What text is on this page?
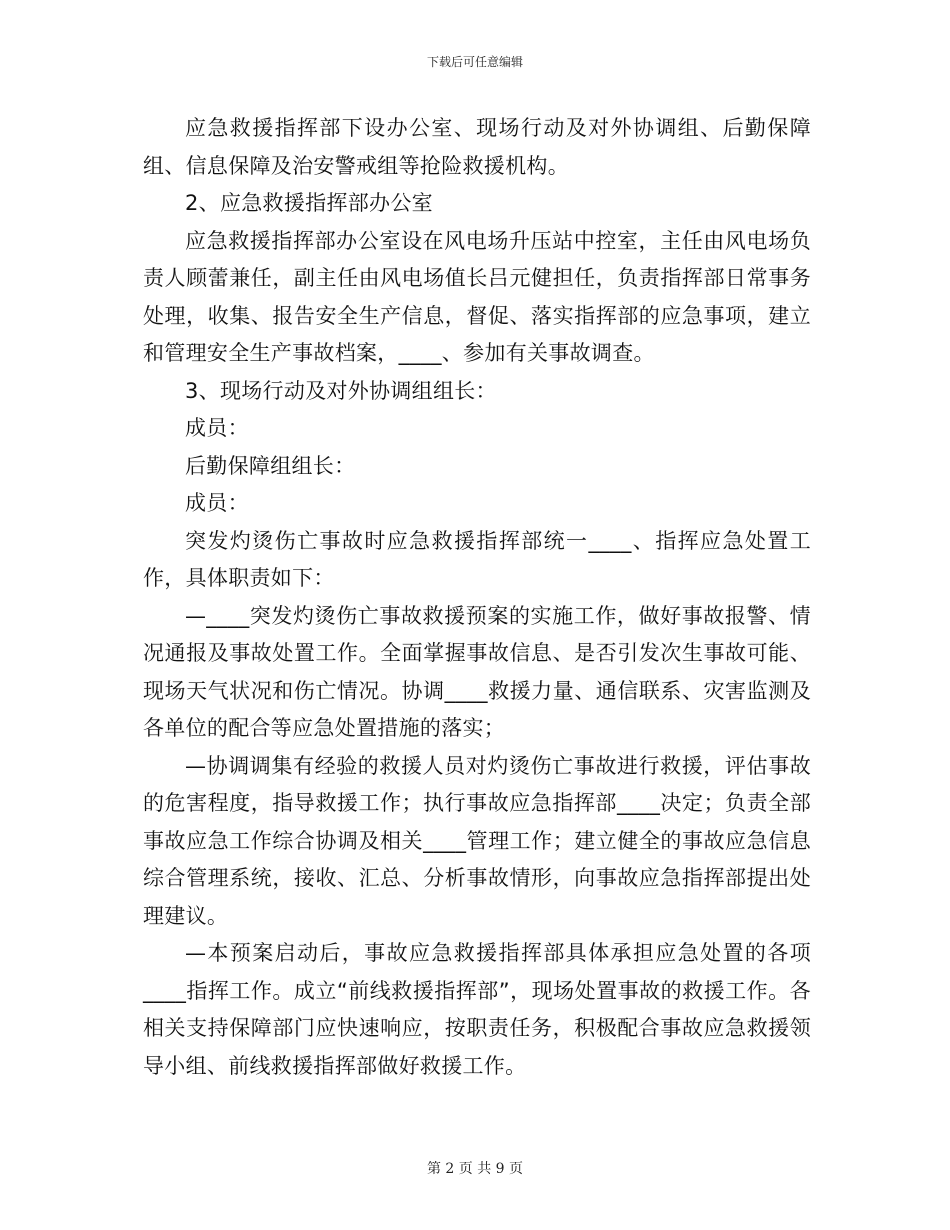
下载后可任意编辑

应急救援指挥部下设办公室、现场行动及对外协调组、后勤保障组、信息保障及治安警戒组等抢险救援机构。

2、应急救援指挥部办公室

应急救援指挥部办公室设在风电场升压站中控室，主任由风电场负责人顾蕾兼任，副主任由风电场值长吕元健担任，负责指挥部日常事务处理，收集、报告安全生产信息，督促、落实指挥部的应急事项，建立和管理安全生产事故档案，____、参加有关事故调查。

3、现场行动及对外协调组组长：

成员：

后勤保障组组长：

成员：

突发灼烫伤亡事故时应急救援指挥部统一____、指挥应急处置工作，具体职责如下：

—____突发灼烫伤亡事故救援预案的实施工作，做好事故报警、情况通报及事故处置工作。全面掌握事故信息、是否引发次生事故可能、现场天气状况和伤亡情况。协调____救援力量、通信联系、灾害监测及各单位的配合等应急处置措施的落实；

—协调调集有经验的救援人员对灼烫伤亡事故进行救援，评估事故的危害程度，指导救援工作；执行事故应急指挥部____决定；负责全部事故应急工作综合协调及相关____管理工作；建立健全的事故应急信息综合管理系统，接收、汇总、分析事故情形，向事故应急指挥部提出处理建议。

—本预案启动后，事故应急救援指挥部具体承担应急处置的各项____指挥工作。成立“前线救援指挥部”，现场处置事故的救援工作。各相关支持保障部门应快速响应，按职责任务，积极配合事故应急救援领导小组、前线救援指挥部做好救援工作。

第 2 页 共 9 页
